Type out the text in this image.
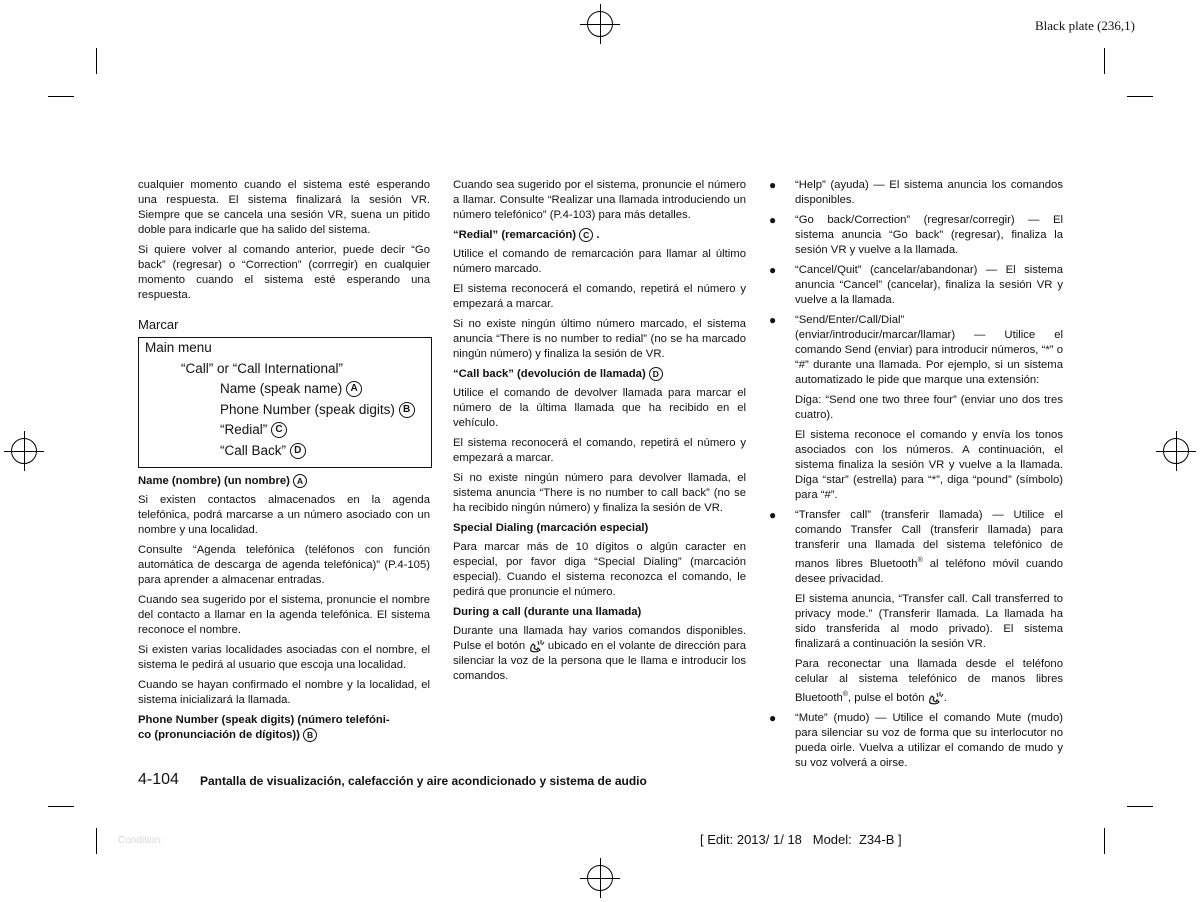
Black plate (236,1)

cualquier momento cuando el sistema esté esperando una respuesta. El sistema finalizará la sesión VR. Siempre que se cancela una sesión VR, suena un pitido doble para indicarle que ha salido del sistema.

Si quiere volver al comando anterior, puede decir “Go back” (regresar) o “Correction” (corrregir) en cualquier momento cuando el sistema esté esperando una respuesta.

Marcar
Main menu
“Call” or “Call International”
Name (speak name) A
Phone Number (speak digits) B
“Redial” C
“Call Back” D
Name (nombre) (un nombre) A

Si existen contactos almacenados en la agenda telefónica, podrá marcarse a un número asociado con un nombre y una localidad.

Consulte “Agenda telefónica (teléfonos con función automática de descarga de agenda telefónica)” (P.4-105) para aprender a almacenar entradas.

Cuando sea sugerido por el sistema, pronuncie el nombre del contacto a llamar en la agenda telefónica. El sistema reconoce el nombre.

Si existen varias localidades asociadas con el nombre, el sistema le pedirá al usuario que escoja una localidad.

Cuando se hayan confirmado el nombre y la localidad, el sistema inicializará la llamada.

Phone Number (speak digits) (número telefóni-
co (pronunciación de dígitos)) B

Cuando sea sugerido por el sistema, pronuncie el número a llamar. Consulte “Realizar una llamada introduciendo un número telefónico” (P.4-103) para más detalles.

“Redial” (remarcación) C .

Utilice el comando de remarcación para llamar al último número marcado.

El sistema reconocerá el comando, repetirá el número y empezará a marcar.

Si no existe ningún último número marcado, el sistema anuncia “There is no number to redial” (no se ha marcado ningún número) y finaliza la sesión de VR.

“Call back” (devolución de llamada) D

Utilice el comando de devolver llamada para marcar el número de la última llamada que ha recibido en el vehículo.

El sistema reconocerá el comando, repetirá el número y empezará a marcar.

Si no existe ningún número para devolver llamada, el sistema anuncia “There is no number to call back” (no se ha recibido ningún número) y finaliza la sesión de VR.

Special Dialing (marcación especial)

Para marcar más de 10 dígitos o algún caracter en especial, por favor diga “Special Dialing” (marcación especial). Cuando el sistema reconozca el comando, le pedirá que pronuncie el número.

During a call (durante una llamada)

Durante una llamada hay varios comandos disponibles. Pulse el botón ubicado en el volante de dirección para silenciar la voz de la persona que le llama e introducir los comandos.

● “Help” (ayuda) — El sistema anuncia los comandos disponibles.

● “Go back/Correction” (regresar/corregir) — El sistema anuncia “Go back” (regresar), finaliza la sesión VR y vuelve a la llamada.

● “Cancel/Quit” (cancelar/abandonar) — El sistema anuncia “Cancel” (cancelar), finaliza la sesión VR y vuelve a la llamada.

● “Send/Enter/Call/Dial” (enviar/introducir/marcar/llamar) — Utilice el comando Send (enviar) para introducir números, “*” o “#” durante una llamada. Por ejemplo, si un sistema automatizado le pide que marque una extensión:

Diga: “Send one two three four” (enviar uno dos tres cuatro).

El sistema reconoce el comando y envía los tonos asociados con los números. A continuación, el sistema finaliza la sesión VR y vuelve a la llamada. Diga “star” (estrella) para “*”, diga “pound” (símbolo) para “#”.

● “Transfer call” (transferir llamada) — Utilice el comando Transfer Call (transferir llamada) para transferir una llamada del sistema telefónico de manos libres Bluetooth® al teléfono móvil cuando desee privacidad.

El sistema anuncia, “Transfer call. Call transferred to privacy mode.” (Transferir llamada. La llamada ha sido transferida al modo privado). El sistema finalizará a continuación la sesión VR.

Para reconectar una llamada desde el teléfono celular al sistema telefónico de manos libres Bluetooth®, pulse el botón .

● “Mute” (mudo) — Utilice el comando Mute (mudo) para silenciar su voz de forma que su interlocutor no pueda oirle. Vuelva a utilizar el comando de mudo y su voz volverá a oirse.

4-104 Pantalla de visualización, calefacción y aire acondicionado y sistema de audio
Condition:	[ Edit: 2013/ 1/ 18   Model:  Z34-B ]
